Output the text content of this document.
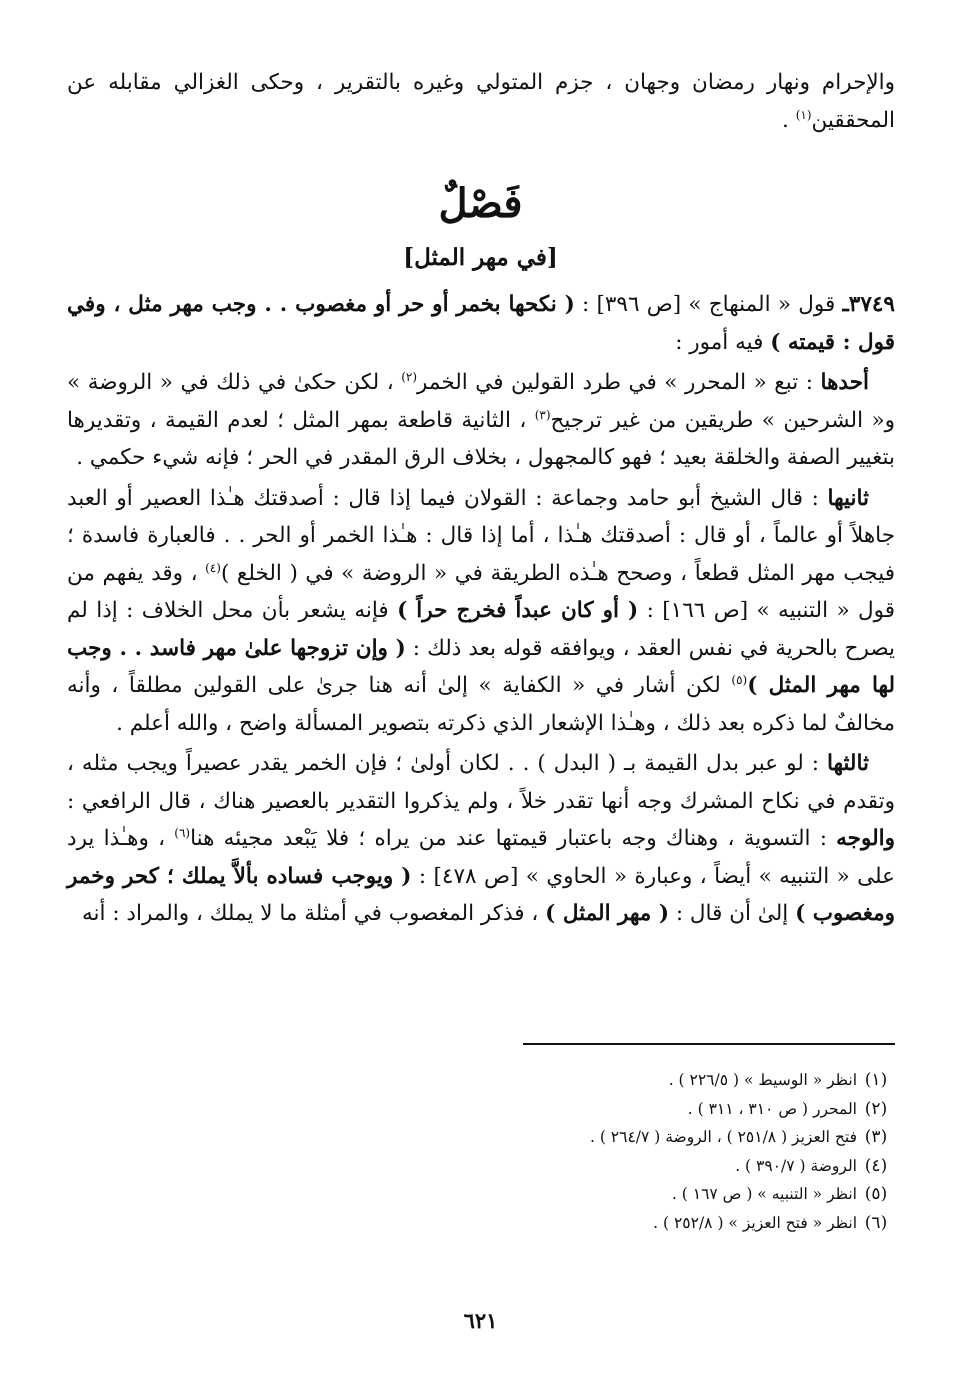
والإحرام ونهار رمضان وجهان ، جزم المتولي وغيره بالتقرير ، وحكى الغزالي مقابله عن المحققين$^{(١)}$ .

فَصْلٌ
[في مهر المثل]

٣٧٤٩ـ قول « المنهاج » [ص ٣٩٦] : ( نكحها بخمر أو حر أو مغصوب . . وجب مهر مثل ، وفي قول : قيمته ) فيه أمور :

أحدها : تبع « المحرر » في طرد القولين في الخمر$^{(٢)}$ ، لكن حكىٰ في ذلك في « الروضة » و« الشرحين » طريقين من غير ترجيح$^{(٣)}$ ، الثانية قاطعة بمهر المثل ؛ لعدم القيمة ، وتقديرها بتغيير الصفة والخلقة بعيد ؛ فهو كالمجهول ، بخلاف الرق المقدر في الحر ؛ فإنه شيء حكمي .

ثانيها : قال الشيخ أبو حامد وجماعة : القولان فيما إذا قال : أصدقتك هـٰذا العصير أو العبد جاهلاً أو عالماً ، أو قال : أصدقتك هـٰذا ، أما إذا قال : هـٰذا الخمر أو الحر . . فالعبارة فاسدة ؛ فيجب مهر المثل قطعاً ، وصحح هـٰذه الطريقة في « الروضة » في ( الخلع )$^{(٤)}$ ، وقد يفهم من قول « التنبيه » [ص ١٦٦] : ( أو كان عبداً فخرج حراً ) فإنه يشعر بأن محل الخلاف : إذا لم يصرح بالحرية في نفس العقد ، ويوافقه قوله بعد ذلك : ( وإن تزوجها علىٰ مهر فاسد . . وجب لها مهر المثل )$^{(٥)}$ لكن أشار في « الكفاية » إلىٰ أنه هنا جرىٰ على القولين مطلقاً ، وأنه مخالفٌ لما ذكره بعد ذلك ، وهـٰذا الإشعار الذي ذكرته بتصوير المسألة واضح ، والله أعلم .

ثالثها : لو عبر بدل القيمة بـ ( البدل ) . . لكان أولىٰ ؛ فإن الخمر يقدر عصيراً ويجب مثله ، وتقدم في نكاح المشرك وجه أنها تقدر خلاً ، ولم يذكروا التقدير بالعصير هناك ، قال الرافعي : والوجه : التسوية ، وهناك وجه باعتبار قيمتها عند من يراه ؛ فلا يَبْعد مجيئه هنا$^{(٦)}$ ، وهـٰذا يرد على « التنبيه » أيضاً ، وعبارة « الحاوي » [ص ٤٧٨] : ( ويوجب فساده بألاَّ يملك ؛ كحر وخمر ومغصوب ) إلىٰ أن قال : ( مهر المثل ) ، فذكر المغصوب في أمثلة ما لا يملك ، والمراد : أنه

(١)
انظر « الوسيط » ( ٢٢٦/٥ ) .
(٢)
المحرر ( ص ٣١٠ ، ٣١١ ) .
(٣)
فتح العزيز ( ٢٥١/٨ ) ، الروضة ( ٢٦٤/٧ ) .
(٤)
الروضة ( ٣٩٠/٧ ) .
(٥)
انظر « التنبيه » ( ص ١٦٧ ) .
(٦)
انظر « فتح العزيز » ( ٢٥٢/٨ ) .
٦٢١
